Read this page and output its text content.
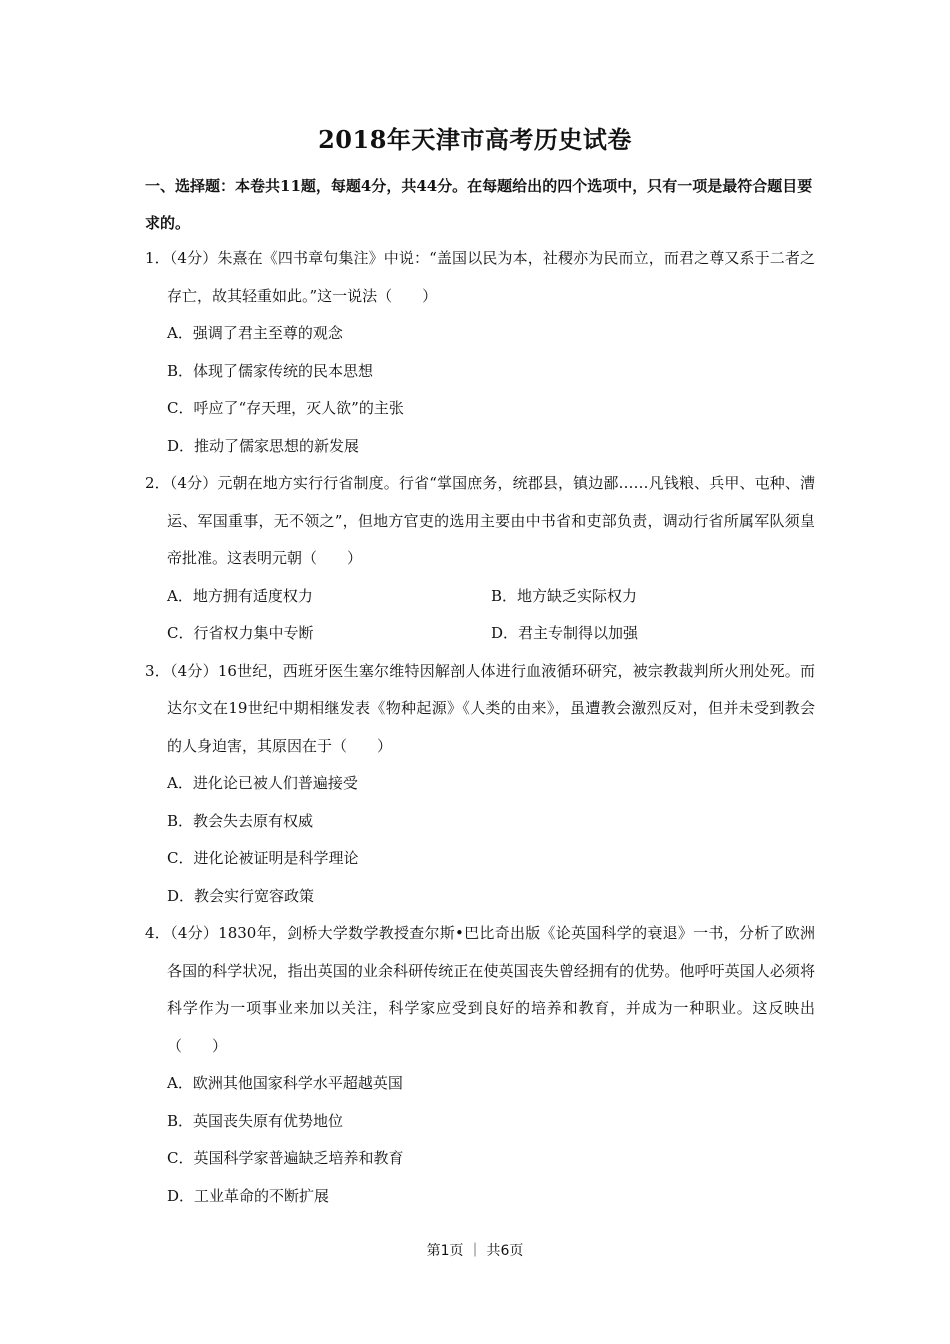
2018年天津市高考历史试卷
一、选择题：本卷共11题，每题4分，共44分。在每题给出的四个选项中，只有一项是最符合题目要求的。
1．（4分）朱熹在《四书章句集注》中说：“盖国以民为本，社稷亦为民而立，而君之尊又系于二者之存亡，故其轻重如此。”这一说法（　　）
A．强调了君主至尊的观念
B．体现了儒家传统的民本思想
C．呼应了“存天理，灭人欲”的主张
D．推动了儒家思想的新发展
2．（4分）元朝在地方实行行省制度。行省“掌国庶务，统郡县，镇边鄙……凡钱粮、兵甲、屯种、漕运、军国重事，无不领之”，但地方官吏的选用主要由中书省和吏部负责，调动行省所属军队须皇帝批准。这表明元朝（　　）
A．地方拥有适度权力	B．地方缺乏实际权力
C．行省权力集中专断	D．君主专制得以加强
3．（4分）16世纪，西班牙医生塞尔维特因解剖人体进行血液循环研究，被宗教裁判所火刑处死。而达尔文在19世纪中期相继发表《物种起源》《人类的由来》，虽遭教会激烈反对，但并未受到教会的人身迫害，其原因在于（　　）
A．进化论已被人们普遍接受
B．教会失去原有权威
C．进化论被证明是科学理论
D．教会实行宽容政策
4．（4分）1830年，剑桥大学数学教授查尔斯•巴比奇出版《论英国科学的衰退》一书，分析了欧洲各国的科学状况，指出英国的业余科研传统正在使英国丧失曾经拥有的优势。他呼吁英国人必须将科学作为一项事业来加以关注，科学家应受到良好的培养和教育，并成为一种职业。这反映出（　　）
A．欧洲其他国家科学水平超越英国
B．英国丧失原有优势地位
C．英国科学家普遍缺乏培养和教育
D．工业革命的不断扩展
第1页 ｜ 共6页
